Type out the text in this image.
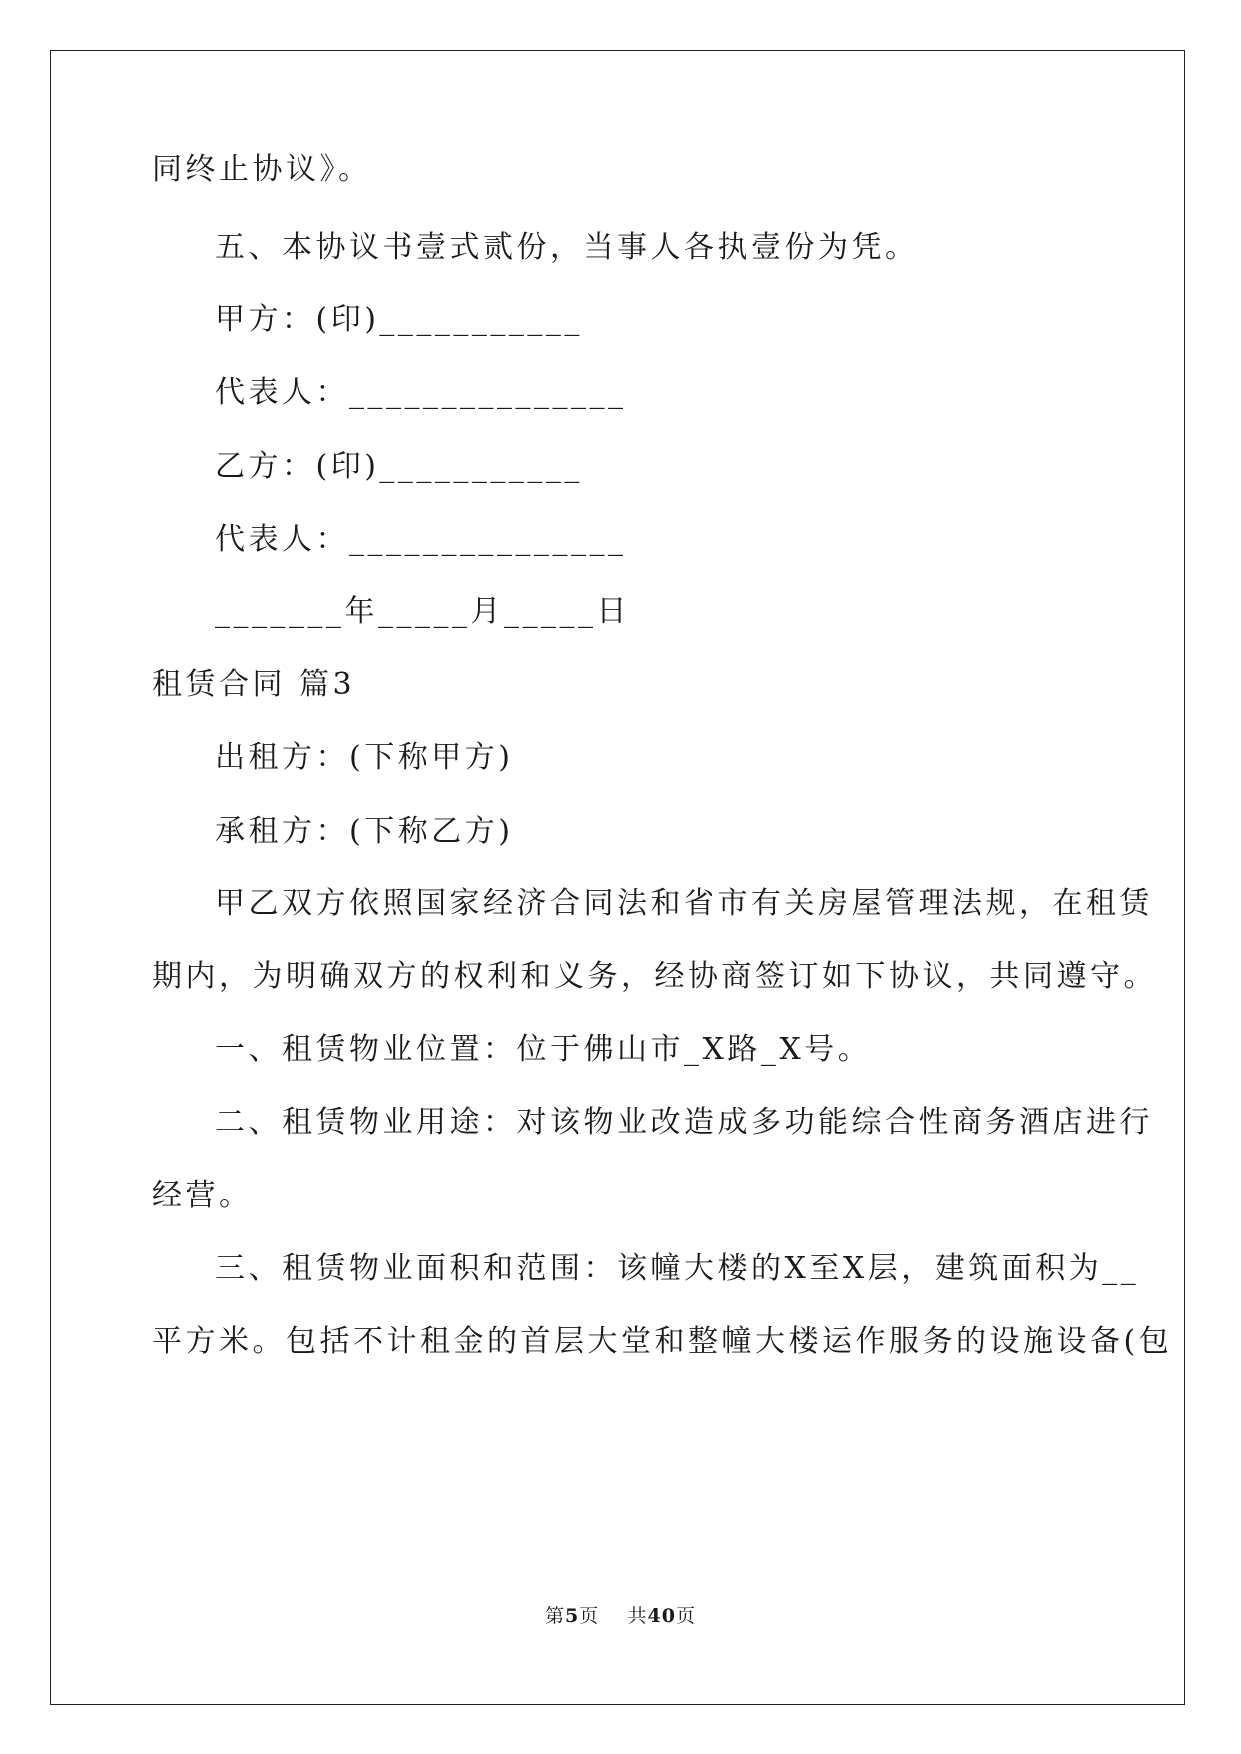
同终止协议》。
五、本协议书壹式贰份，当事人各执壹份为凭。
甲方：(印)___________
代表人：_______________
乙方：(印)___________
代表人：_______________
_______年_____月_____日
租赁合同 篇3
出租方：(下称甲方)
承租方：(下称乙方)
甲乙双方依照国家经济合同法和省市有关房屋管理法规，在租赁
期内，为明确双方的权利和义务，经协商签订如下协议，共同遵守。
一、租赁物业位置：位于佛山市_X路_X号。
二、租赁物业用途：对该物业改造成多功能综合性商务酒店进行
经营。
三、租赁物业面积和范围：该幢大楼的X至X层，建筑面积为__
平方米。包括不计租金的首层大堂和整幢大楼运作服务的设施设备(包
第5页 共40页
